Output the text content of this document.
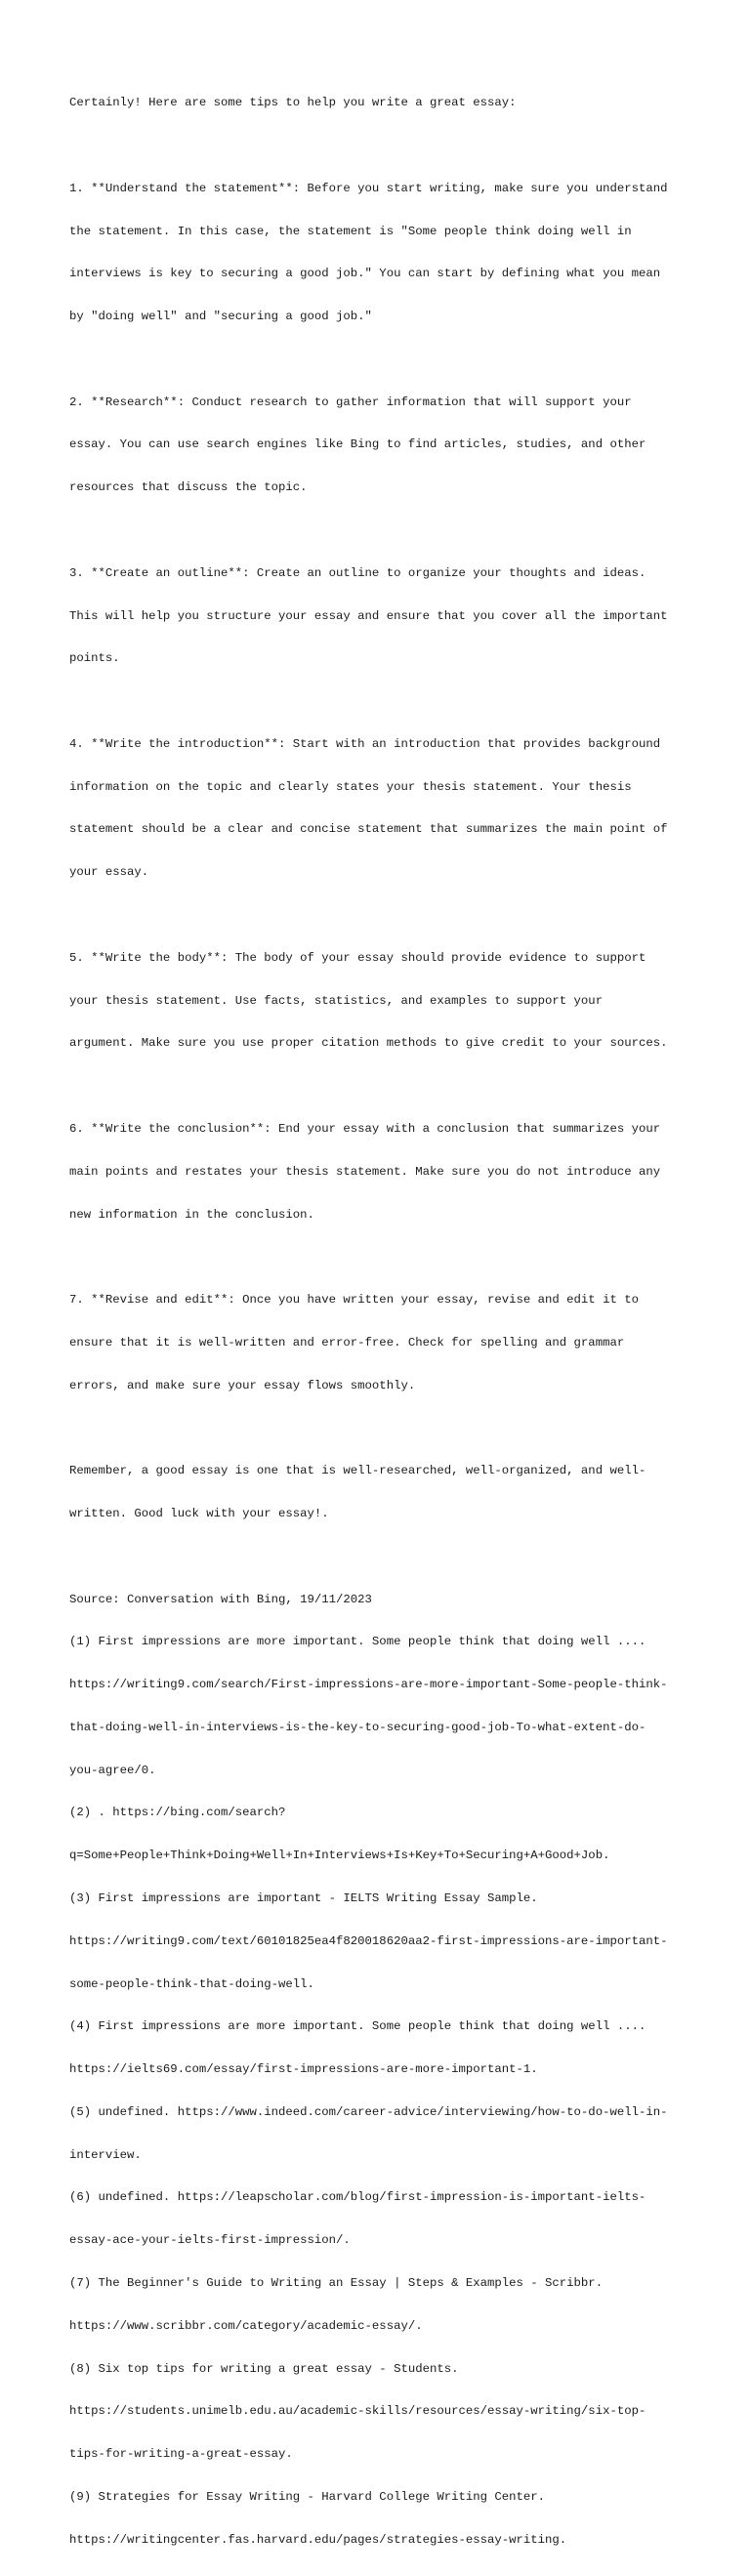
Certainly! Here are some tips to help you write a great essay:

1. **Understand the statement**: Before you start writing, make sure you understand

the statement. In this case, the statement is "Some people think doing well in

interviews is key to securing a good job." You can start by defining what you mean

by "doing well" and "securing a good job."

2. **Research**: Conduct research to gather information that will support your

essay. You can use search engines like Bing to find articles, studies, and other

resources that discuss the topic.

3. **Create an outline**: Create an outline to organize your thoughts and ideas.

This will help you structure your essay and ensure that you cover all the important

points.

4. **Write the introduction**: Start with an introduction that provides background

information on the topic and clearly states your thesis statement. Your thesis

statement should be a clear and concise statement that summarizes the main point of

your essay.

5. **Write the body**: The body of your essay should provide evidence to support

your thesis statement. Use facts, statistics, and examples to support your

argument. Make sure you use proper citation methods to give credit to your sources.

6. **Write the conclusion**: End your essay with a conclusion that summarizes your

main points and restates your thesis statement. Make sure you do not introduce any

new information in the conclusion.

7. **Revise and edit**: Once you have written your essay, revise and edit it to

ensure that it is well-written and error-free. Check for spelling and grammar

errors, and make sure your essay flows smoothly.

Remember, a good essay is one that is well-researched, well-organized, and well-

written. Good luck with your essay!.

Source: Conversation with Bing, 19/11/2023

(1) First impressions are more important. Some people think that doing well ....

https://writing9.com/search/First-impressions-are-more-important-Some-people-think-

that-doing-well-in-interviews-is-the-key-to-securing-good-job-To-what-extent-do-

you-agree/0.

(2) . https://bing.com/search?

q=Some+People+Think+Doing+Well+In+Interviews+Is+Key+To+Securing+A+Good+Job.

(3) First impressions are important - IELTS Writing Essay Sample.

https://writing9.com/text/60101825ea4f820018620aa2-first-impressions-are-important-

some-people-think-that-doing-well.

(4) First impressions are more important. Some people think that doing well ....

https://ielts69.com/essay/first-impressions-are-more-important-1.

(5) undefined. https://www.indeed.com/career-advice/interviewing/how-to-do-well-in-

interview.

(6) undefined. https://leapscholar.com/blog/first-impression-is-important-ielts-

essay-ace-your-ielts-first-impression/.

(7) The Beginner's Guide to Writing an Essay | Steps & Examples - Scribbr.

https://www.scribbr.com/category/academic-essay/.

(8) Six top tips for writing a great essay - Students.

https://students.unimelb.edu.au/academic-skills/resources/essay-writing/six-top-

tips-for-writing-a-great-essay.

(9) Strategies for Essay Writing - Harvard College Writing Center.

https://writingcenter.fas.harvard.edu/pages/strategies-essay-writing.
